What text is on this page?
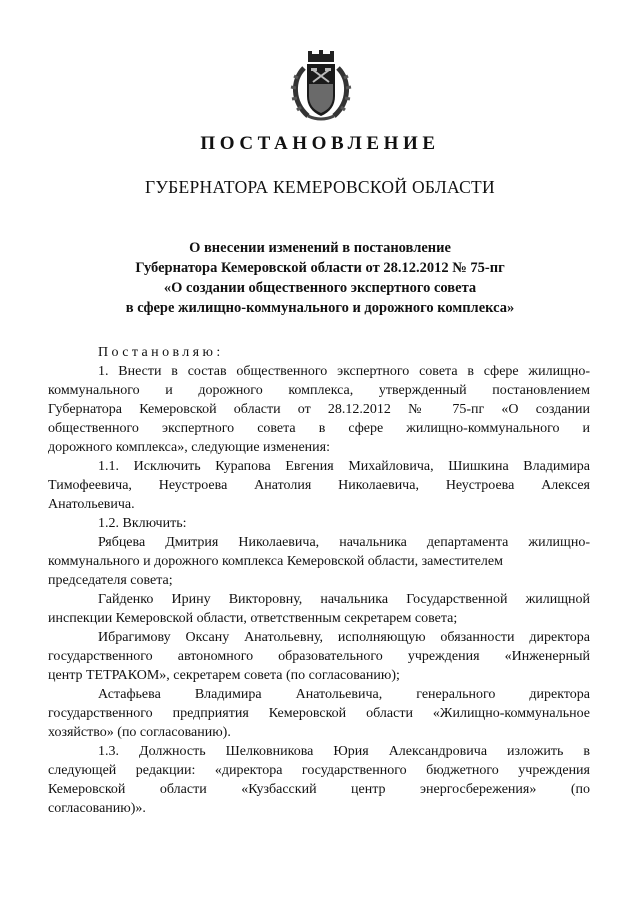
ПОСТАНОВЛЕНИЕ
ГУБЕРНАТОРА КЕМЕРОВСКОЙ ОБЛАСТИ
О внесении изменений в постановление
Губернатора Кемеровской области от 28.12.2012 № 75-пг
«О создании общественного экспертного совета
в сфере жилищно-коммунального и дорожного комплекса»
Постановляю:
1. Внести в состав общественного экспертного совета в сфере жилищно-
коммунального и дорожного комплекса, утвержденный постановлением
Губернатора Кемеровской области от 28.12.2012 № 75-пг «О создании
общественного экспертного совета в сфере жилищно-коммунального и
дорожного комплекса», следующие изменения:
1.1. Исключить Курапова Евгения Михайловича, Шишкина Владимира
Тимофеевича, Неустроева Анатолия Николаевича, Неустроева Алексея
Анатольевича.
1.2. Включить:
Рябцева Дмитрия Николаевича, начальника департамента жилищно-
коммунального и дорожного комплекса Кемеровской области, заместителем
председателя совета;
Гайденко Ирину Викторовну, начальника Государственной жилищной
инспекции Кемеровской области, ответственным секретарем совета;
Ибрагимову Оксану Анатольевну, исполняющую обязанности директора
государственного автономного образовательного учреждения «Инженерный
центр ТЕТРАКОМ», секретарем совета (по согласованию);
Астафьева Владимира Анатольевича, генерального директора
государственного предприятия Кемеровской области «Жилищно-коммунальное
хозяйство» (по согласованию).
1.3. Должность Шелковникова Юрия Александровича изложить в
следующей редакции: «директора государственного бюджетного учреждения
Кемеровской области «Кузбасский центр энергосбережения» (по
согласованию)».
